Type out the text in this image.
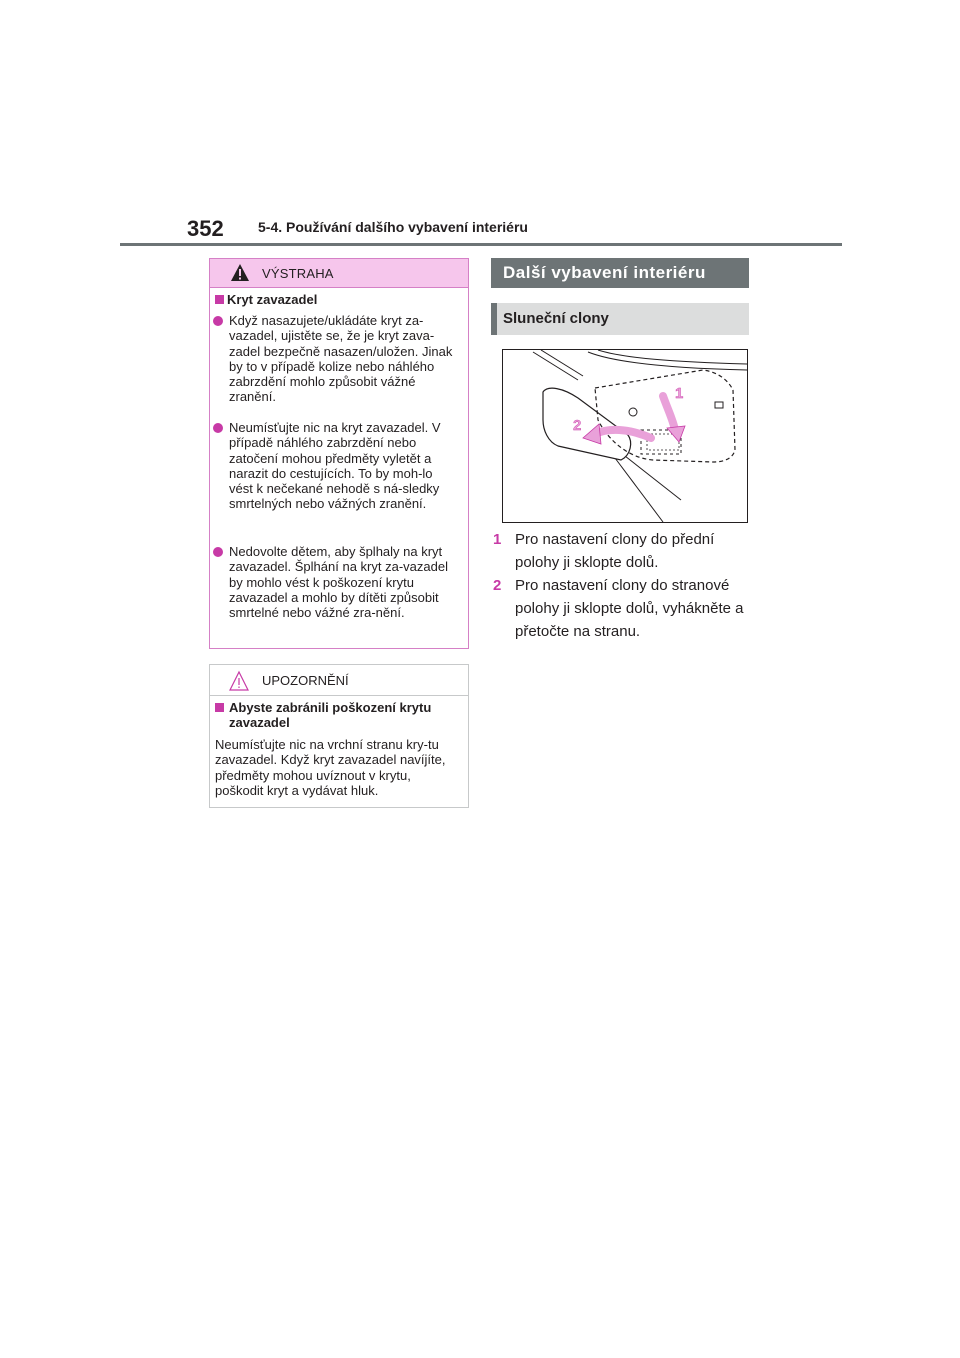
352 5-4. Používání dalšího vybavení interiéru
VÝSTRAHA
Kryt zavazadel
Když nasazujete/ukládáte kryt za-vazadel, ujistěte se, že je kryt zava-zadel bezpečně nasazen/uložen. Jinak by to v případě kolize nebo náhlého zabrzdění mohlo způsobit vážné zranění.
Neumísťujte nic na kryt zavazadel. V případě náhlého zabrzdění nebo zatočení mohou předměty vyletět a narazit do cestujících. To by moh-lo vést k nečekané nehodě s ná-sledky smrtelných nebo vážných zranění.
Nedovolte dětem, aby šplhaly na kryt zavazadel. Šplhání na kryt za-vazadel by mohlo vést k poškození krytu zavazadel a mohlo by dítěti způsobit smrtelné nebo vážné zra-nění.
UPOZORNĚNÍ
Abyste zabránili poškození krytu zavazadel
Neumísťujte nic na vrchní stranu kry-tu zavazadel. Když kryt zavazadel navíjíte, předměty mohou uvíznout v krytu, poškodit kryt a vydávat hluk.
Další vybavení interiéru
Sluneční clony
1
2
1 Pro nastavení clony do přední polohy ji sklopte dolů.
2 Pro nastavení clony do stranové polohy ji sklopte dolů, vyhákněte a přetočte na stranu.
